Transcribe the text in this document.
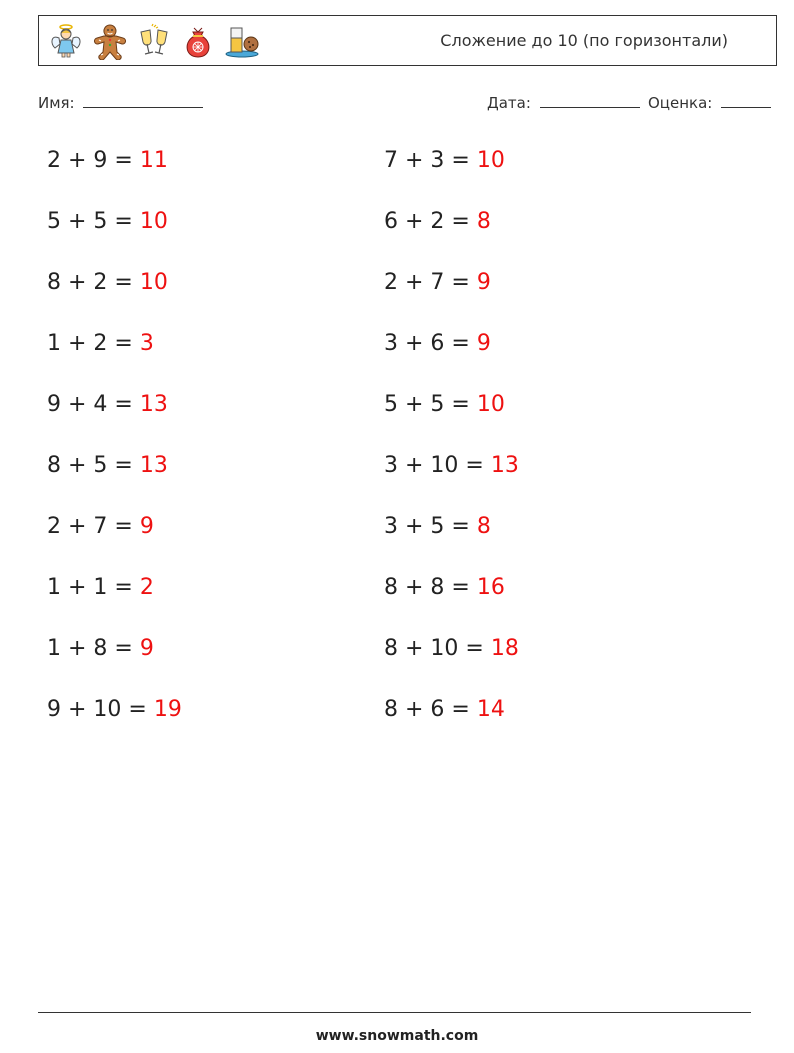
Сложение до 10 (по горизонтали)
Имя:	Дата:	Оценка:
2 + 9 = 11
5 + 5 = 10
8 + 2 = 10
1 + 2 = 3
9 + 4 = 13
8 + 5 = 13
2 + 7 = 9
1 + 1 = 2
1 + 8 = 9
9 + 10 = 19
7 + 3 = 10
6 + 2 = 8
2 + 7 = 9
3 + 6 = 9
5 + 5 = 10
3 + 10 = 13
3 + 5 = 8
8 + 8 = 16
8 + 10 = 18
8 + 6 = 14
www.snowmath.com
